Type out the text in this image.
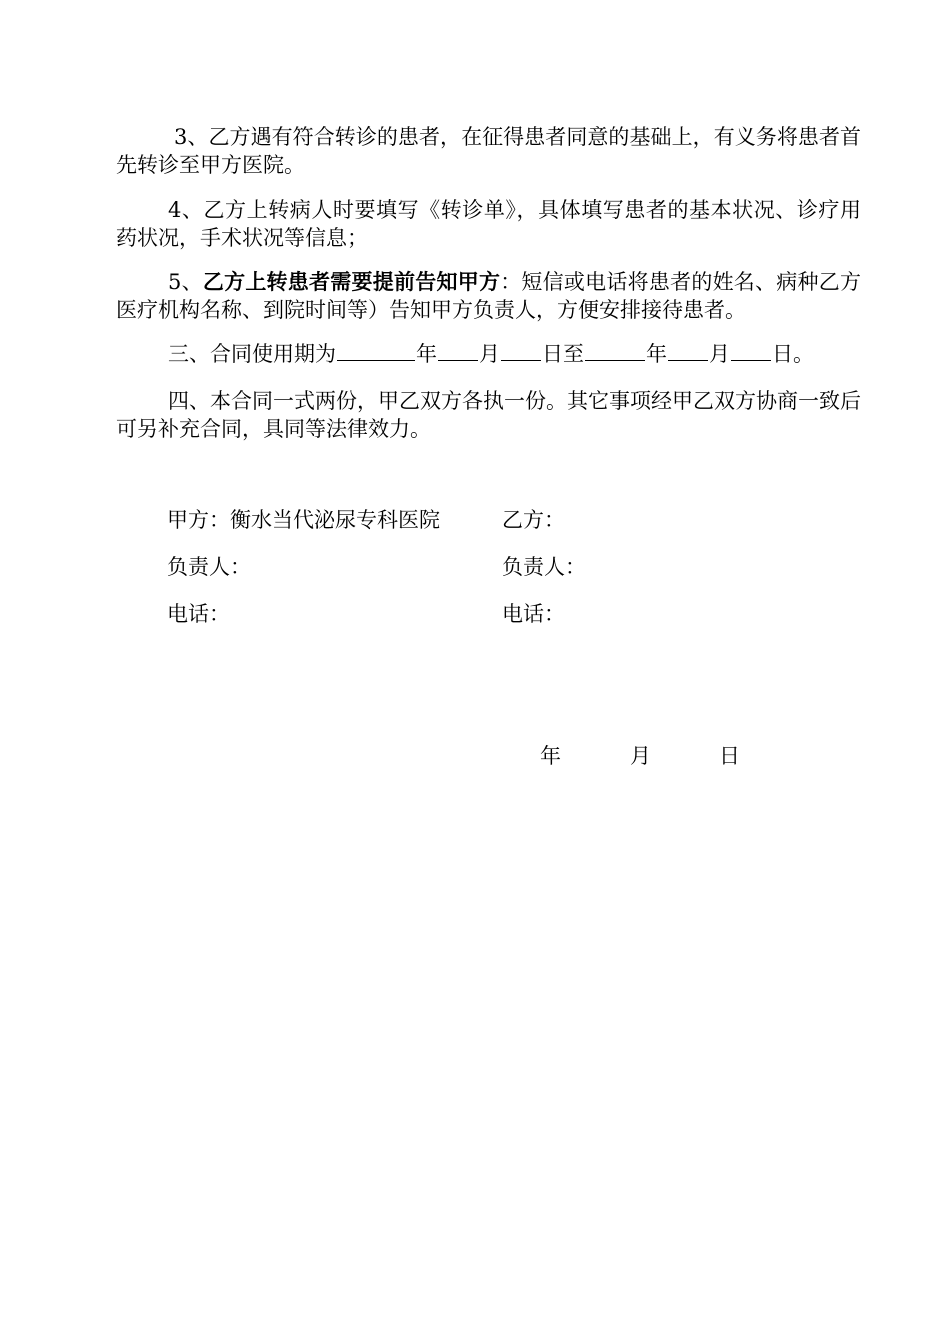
3、乙方遇有符合转诊的患者，在征得患者同意的基础上，有义务将患者首先转诊至甲方医院。

4、乙方上转病人时要填写《转诊单》，具体填写患者的基本状况、诊疗用药状况，手术状况等信息；

5、乙方上转患者需要提前告知甲方：短信或电话将患者的姓名、病种乙方医疗机构名称、到院时间等）告知甲方负责人，方便安排接待患者。

三、合同使用期为	年 月 日至	年 月 日。

四、本合同一式两份，甲乙双方各执一份。其它事项经甲乙双方协商一致后可另补充合同，具同等法律效力。

甲方：衡水当代泌尿专科医院	乙方：
负责人：	负责人：
电话：	电话：
年	月	日
